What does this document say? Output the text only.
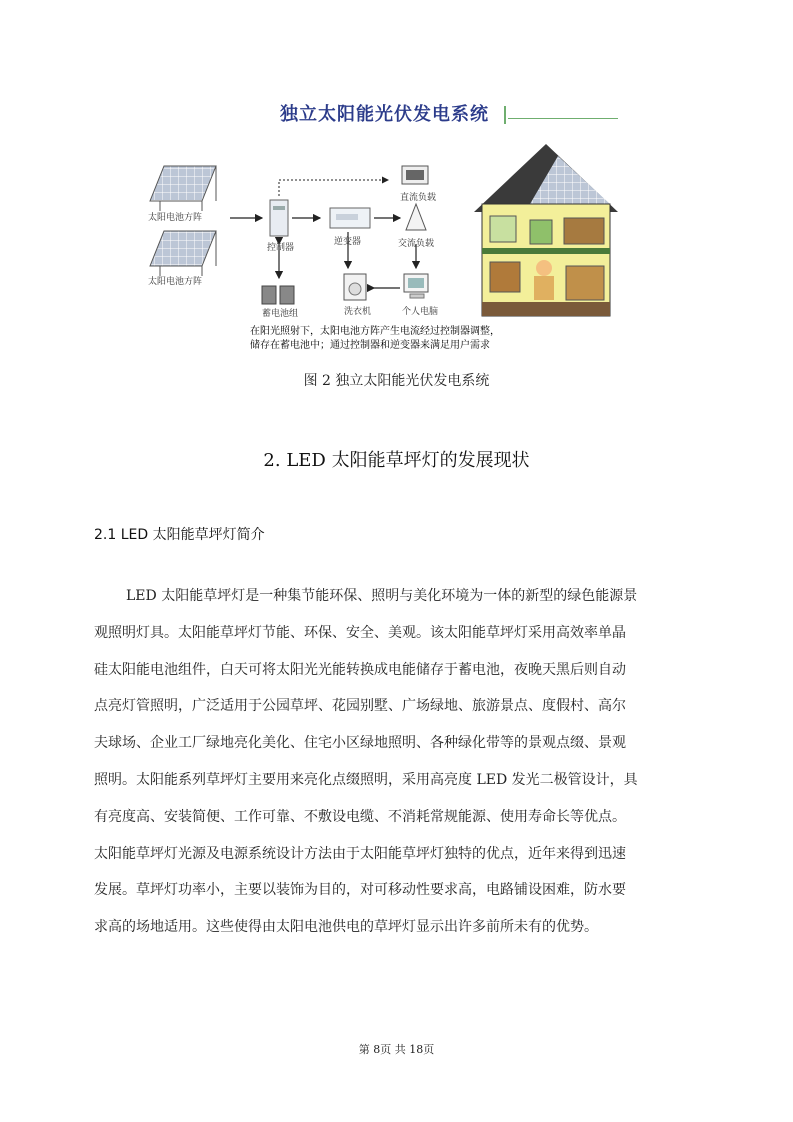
独立太阳能光伏发电系统
太阳电池方阵
太阳电池方阵
控制器
逆变器
直流负载
交流负载
蓄电池组	洗衣机	个人电脑
在阳光照射下，太阳电池方阵产生电流经过控制器调整，
储存在蓄电池中；通过控制器和逆变器来满足用户需求
图 2 独立太阳能光伏发电系统
2. LED 太阳能草坪灯的发展现状
2.1 LED 太阳能草坪灯简介
LED 太阳能草坪灯是一种集节能环保、照明与美化环境为一体的新型的绿色能源景
观照明灯具。太阳能草坪灯节能、环保、安全、美观。该太阳能草坪灯采用高效率单晶
硅太阳能电池组件，白天可将太阳光光能转换成电能储存于蓄电池，夜晚天黑后则自动
点亮灯管照明，广泛适用于公园草坪、花园别墅、广场绿地、旅游景点、度假村、高尔
夫球场、企业工厂绿地亮化美化、住宅小区绿地照明、各种绿化带等的景观点缀、景观
照明。太阳能系列草坪灯主要用来亮化点缀照明，采用高亮度 LED 发光二极管设计，具
有亮度高、安装简便、工作可靠、不敷设电缆、不消耗常规能源、使用寿命长等优点。
太阳能草坪灯光源及电源系统设计方法由于太阳能草坪灯独特的优点，近年来得到迅速
发展。草坪灯功率小，主要以装饰为目的，对可移动性要求高，电路铺设困难，防水要
求高的场地适用。这些使得由太阳电池供电的草坪灯显示出许多前所未有的优势。
第 8页 共 18页
